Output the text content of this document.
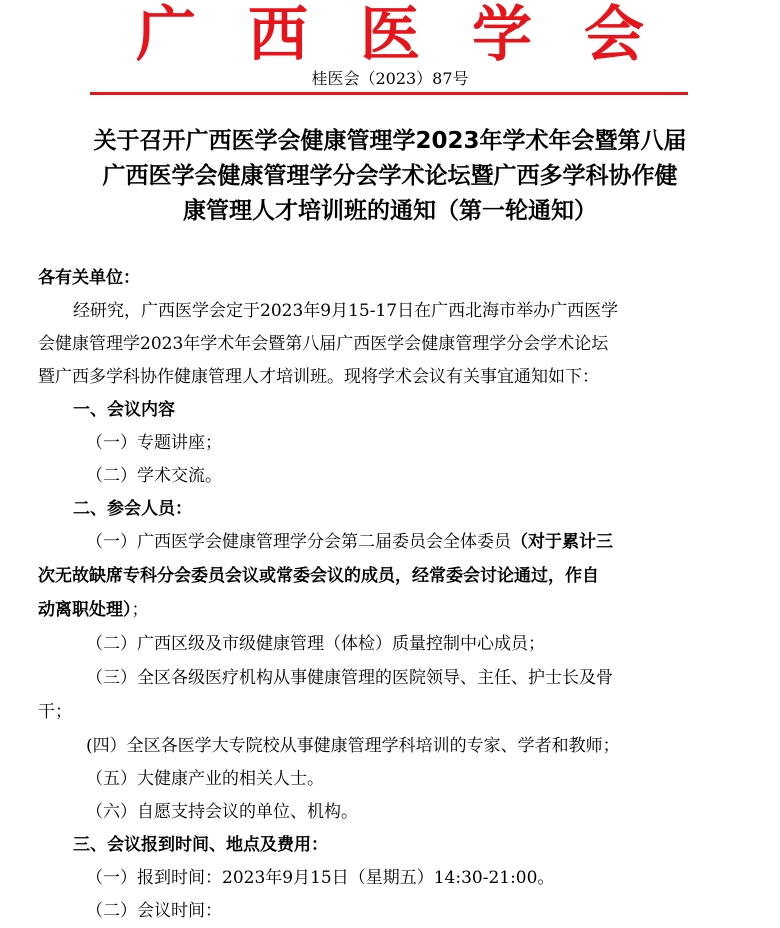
广西医学会
桂医会（2023）87号
关于召开广西医学会健康管理学2023年学术年会暨第八届
广西医学会健康管理学分会学术论坛暨广西多学科协作健
康管理人才培训班的通知（第一轮通知）
各有关单位：
经研究，广西医学会定于2023年9月15-17日在广西北海市举办广西医学
会健康管理学2023年学术年会暨第八届广西医学会健康管理学分会学术论坛
暨广西多学科协作健康管理人才培训班。现将学术会议有关事宜通知如下：
一、会议内容
（一）专题讲座；
（二）学术交流。
二、参会人员：
（一）广西医学会健康管理学分会第二届委员会全体委员（对于累计三
次无故缺席专科分会委员会议或常委会议的成员，经常委会讨论通过，作自
动离职处理）；
（二）广西区级及市级健康管理（体检）质量控制中心成员；
（三）全区各级医疗机构从事健康管理的医院领导、主任、护士长及骨
干；
(四）全区各医学大专院校从事健康管理学科培训的专家、学者和教师；
（五）大健康产业的相关人士。
（六）自愿支持会议的单位、机构。
三、会议报到时间、地点及费用：
（一）报到时间：2023年9月15日（星期五）14:30-21:00。
（二）会议时间：
